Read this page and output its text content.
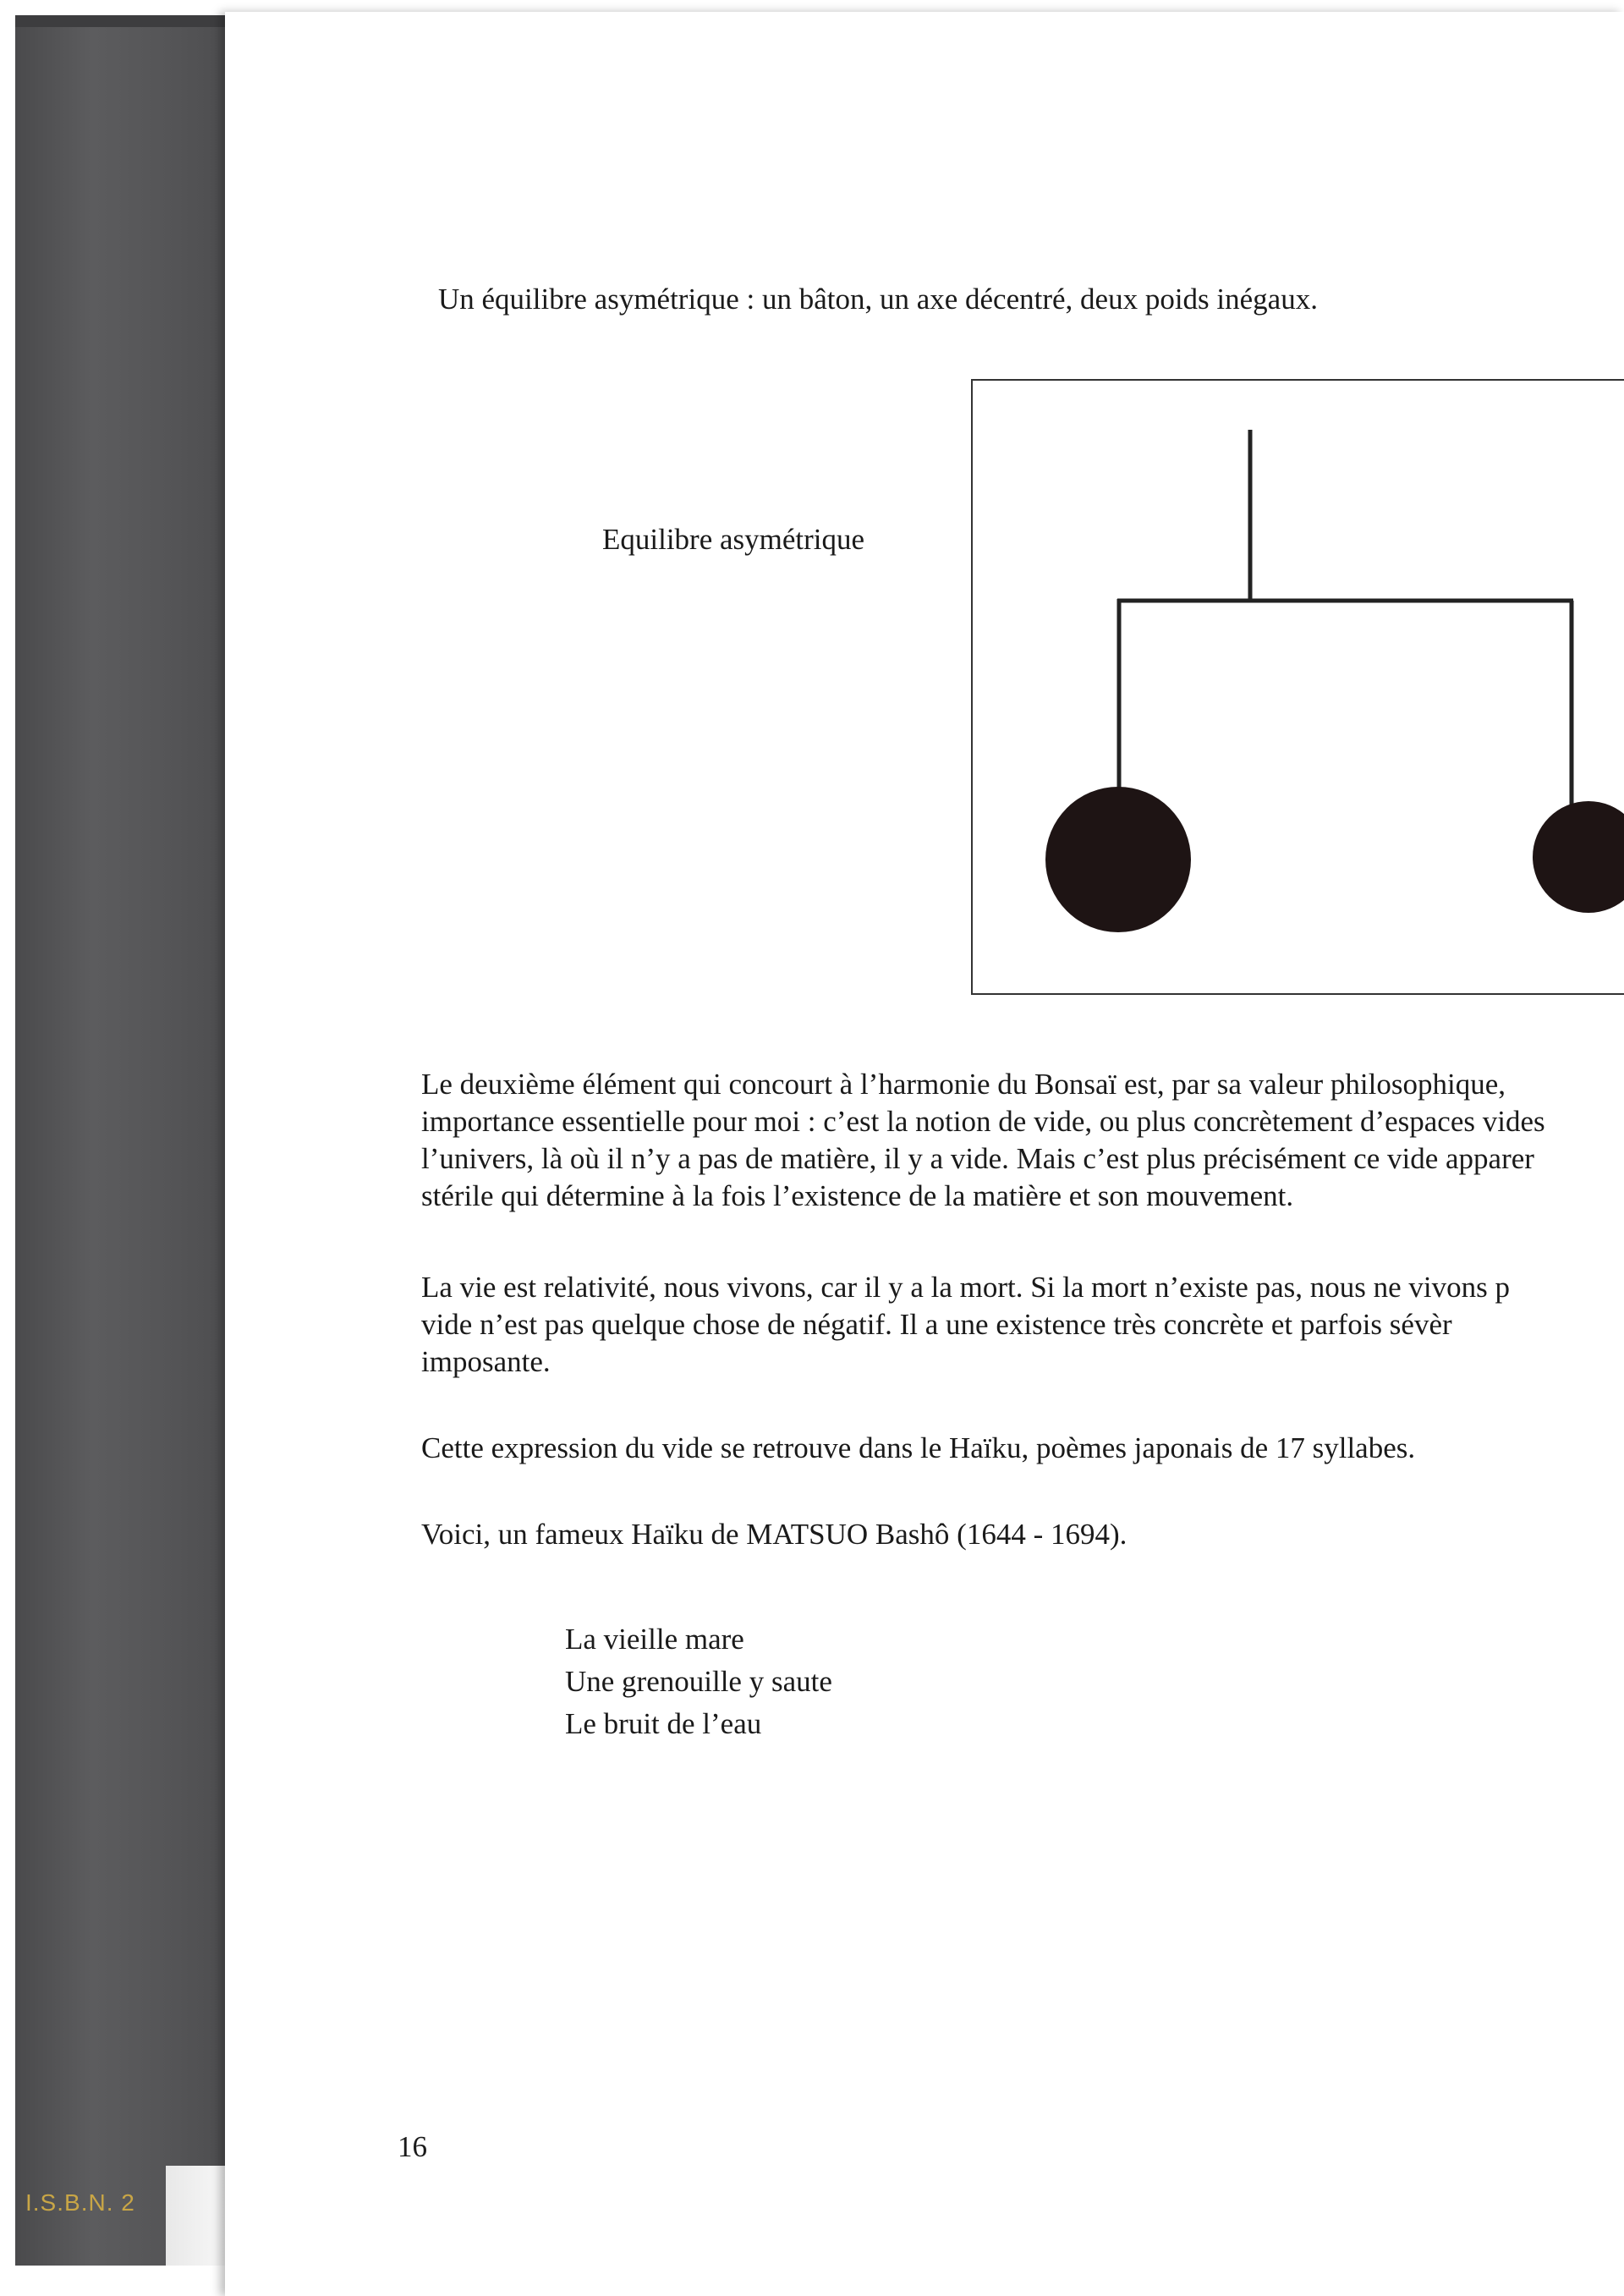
I.S.B.N. 2
Un équilibre asymétrique : un bâton, un axe décentré, deux poids inégaux.
Equilibre asymétrique
Le deuxième élément qui concourt à l’harmonie du Bonsaï est, par sa valeur philosophique,
importance essentielle pour moi : c’est la notion de vide, ou plus concrètement d’espaces vides
l’univers, là où il n’y a pas de matière, il y a vide. Mais c’est plus précisément ce vide apparer
stérile qui détermine à la fois l’existence de la matière et son mouvement.
La vie est relativité, nous vivons, car il y a la mort. Si la mort n’existe pas, nous ne vivons p
vide n’est pas quelque chose de négatif. Il a une existence très concrète et parfois sévèr
imposante.
Cette expression du vide se retrouve dans le Haïku, poèmes japonais de 17 syllabes.
Voici, un fameux Haïku de MATSUO Bashô (1644 - 1694).
La vieille mare
Une grenouille y saute
Le bruit de l’eau
16
